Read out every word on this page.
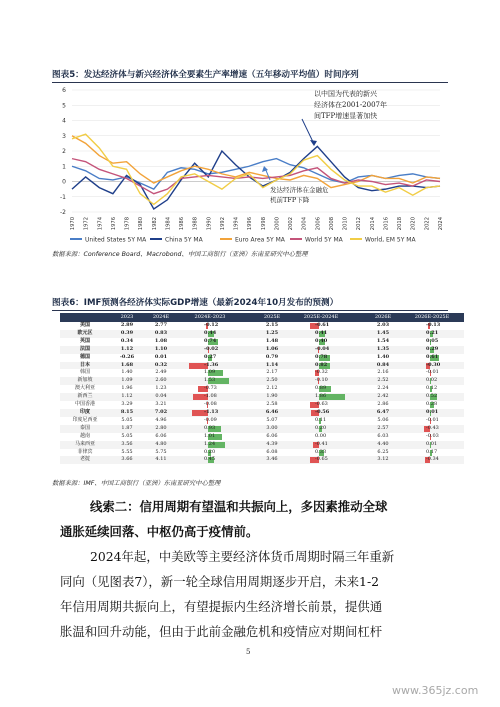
图表5：发达经济体与新兴经济体全要素生产率增速（五年移动平均值）时间序列
6
5
4
3
2
1
0
-1
-2
1970 1972 1974 1976 1978 1980 1982 1984 1986 1988 1990 1992 1994 1996 1998 2000 2002 2004 2006 2008 2010 2012 2014 2016 2018 2020 2022 2024
United States 5Y MA	China 5Y MA	Euro Area 5Y MA	World 5Y MA	World, EM 5Y MA
以中国为代表的新兴
经济体在2001-2007年
间TFP增速显著加快
发达经济体在金融危
机前TFP下降
数据来源：Conference Board、Macrobond、中国工商银行（亚洲）东南亚研究中心整理
图表6：IMF预测各经济体实际GDP增速（最新2024年10月发布的预测）
	2023	2024E	2024E-2023		2025E	2025E-2024E		2026E	2026E-2025E
美国	2.89	2.77	-0.12		2.15	-0.61		2.03	-0.13
欧元区	0.39	0.83	0.44		1.25	0.41		1.45	0.21
英国	0.34	1.08	0.74		1.48	0.40		1.54	0.05
法国	1.12	1.10	-0.02		1.06	-0.04		1.35	0.29
德国	-0.26	0.01	0.27		0.79	0.78		1.40	0.61
日本	1.68	0.32	-1.36		1.14	0.82		0.84	-0.30
韩国	1.40	2.49	1.09		2.17	-0.32		2.16	-0.01
新加坡	1.09	2.60	1.53		2.50	-0.10		2.52	0.02
澳大利亚	1.96	1.23	-0.73		2.12	0.89		2.24	0.12
新西兰	1.12	0.04	-1.08		1.90	1.86		2.42	0.52
中国香港	3.29	3.21	-0.08		2.58	-0.63		2.86	0.28
印度	8.15	7.02	-1.13		6.46	-0.56		6.47	0.01
印度尼西亚	5.05	4.96	-0.09		5.07	0.11		5.06	-0.01
泰国	1.87	2.80	0.93		3.00	0.20		2.57	-0.43
越南	5.05	6.06	1.01		6.06	0.00		6.03	-0.03
马来西亚	3.56	4.80	1.24		4.39	-0.41		4.40	0.01
菲律宾	5.55	5.75	0.20		6.08	0.33		6.25	0.17
老挝	3.66	4.11	0.45		3.46	-0.65		3.12	-0.34
数据来源：IMF、中国工商银行（亚洲）东南亚研究中心整理
线索二：信用周期有望温和共振向上，多因素推动全球
通胀延续回落、中枢仍高于疫情前。
2024年起，中美欧等主要经济体货币周期时隔三年重新
同向（见图表7），新一轮全球信用周期逐步开启，未来1-2
年信用周期共振向上，有望提振内生经济增长前景，提供通
胀温和回升动能，但由于此前金融危机和疫情应对期间杠杆
5
www.365jz.com
